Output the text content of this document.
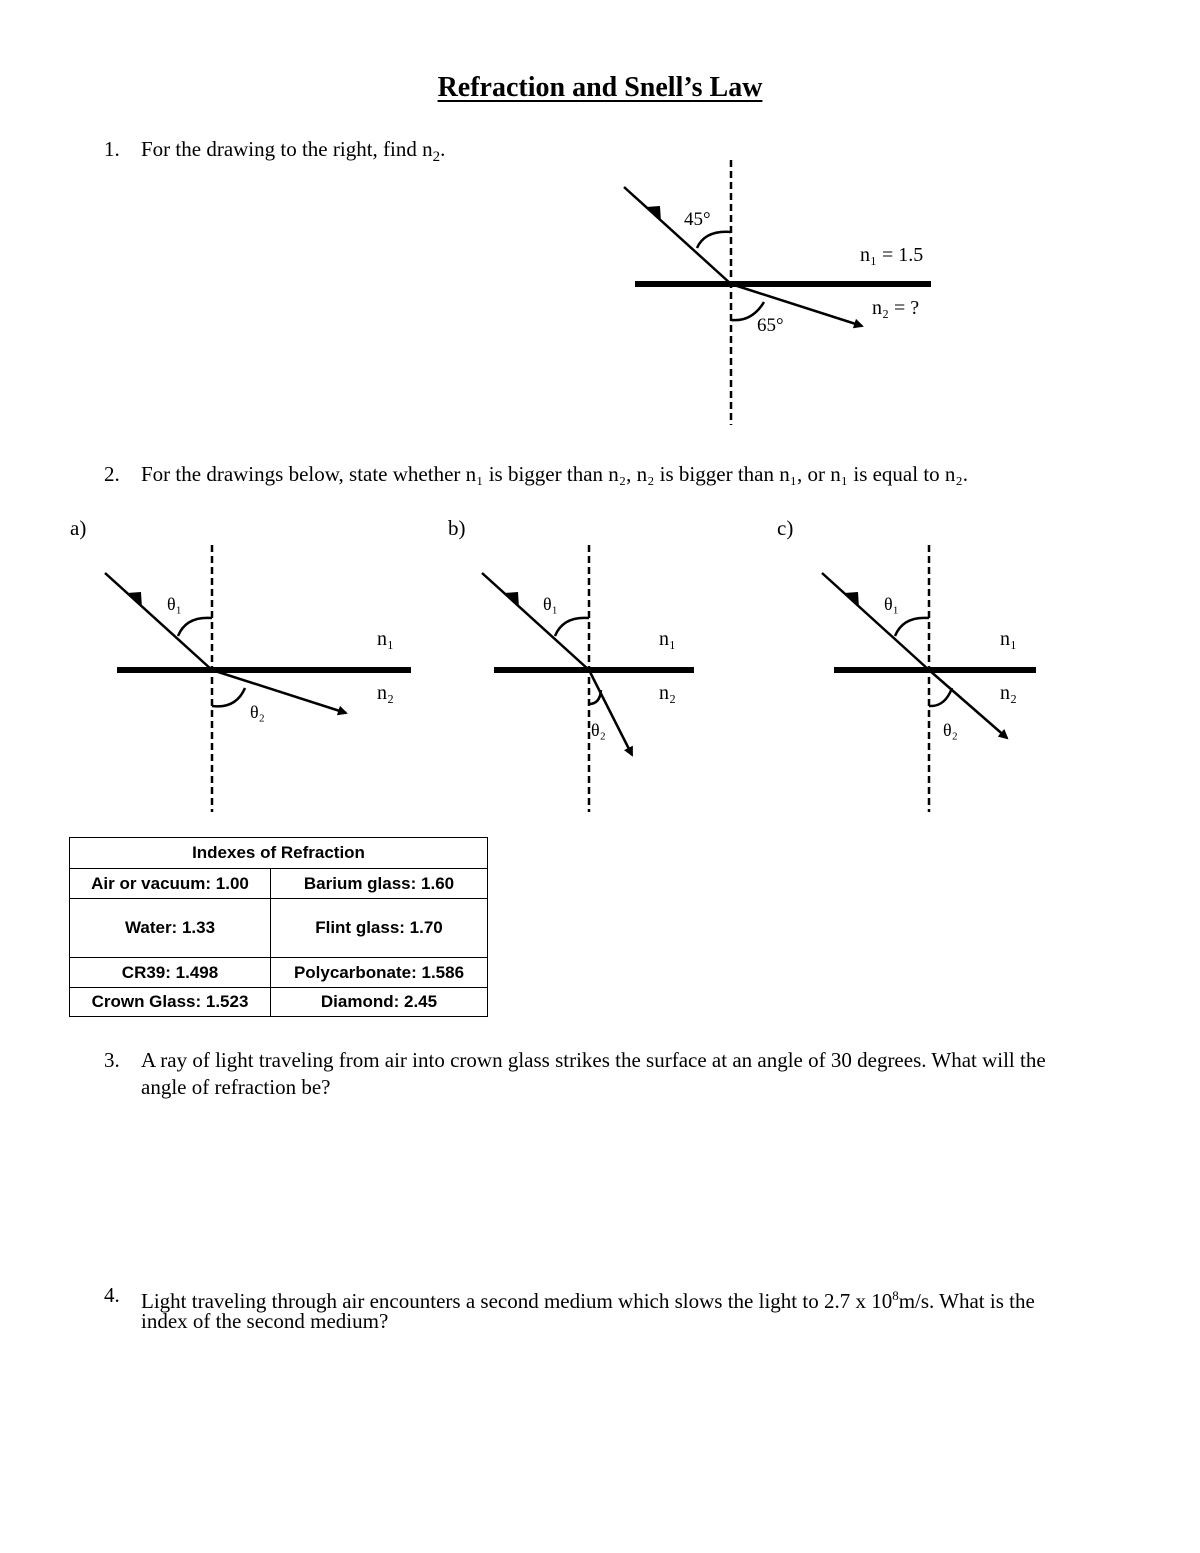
Refraction and Snell’s Law
1. For the drawing to the right, find $n_2$.
45°
65°
n₁ = 1.5
n₂ = ?
θ₁
θ₂
n₁
n₂
θ₁
θ₂
n₁
n₂
θ₁
θ₂
n₁
n₂
2. For the drawings below, state whether n₁ is bigger than n₂, n₂ is bigger than n₁, or n₁ is equal to n₂.
a)	b)	c)
Indexes of Refraction	
Air or vacuum: 1.00	Barium glass: 1.60
Water: 1.33	Flint glass: 1.70
CR39: 1.498	Polycarbonate: 1.586
Crown Glass: 1.523	Diamond: 2.45
3. A ray of light traveling from air into crown glass strikes the surface at an angle of 30 degrees. What will the
angle of refraction be?
4. Light traveling through air encounters a second medium which slows the light to 2.7 x $10^8m/s$. What is the
index of the second medium?
